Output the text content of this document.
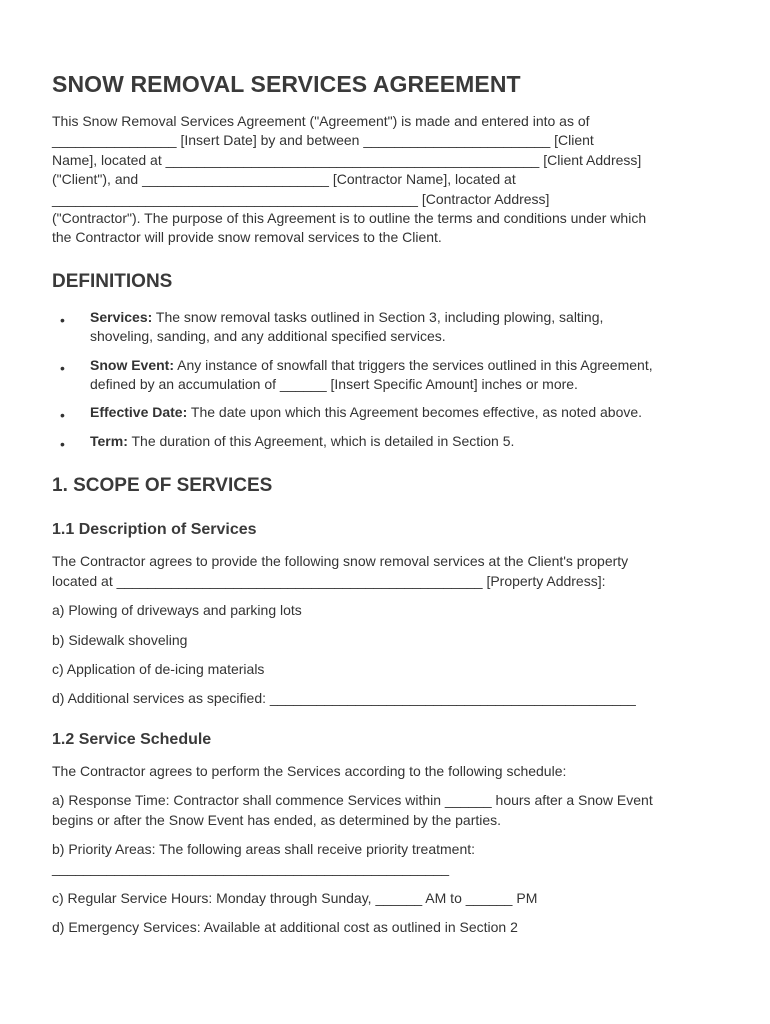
SNOW REMOVAL SERVICES AGREEMENT

This Snow Removal Services Agreement ("Agreement") is made and entered into as of
________________ [Insert Date] by and between ________________________ [Client
Name], located at ________________________________________________ [Client Address]
("Client"), and ________________________ [Contractor Name], located at
_______________________________________________ [Contractor Address]
("Contractor"). The purpose of this Agreement is to outline the terms and conditions under which
the Contractor will provide snow removal services to the Client.

DEFINITIONS
• Services: The snow removal tasks outlined in Section 3, including plowing, salting,
shoveling, sanding, and any additional specified services.
• Snow Event: Any instance of snowfall that triggers the services outlined in this Agreement,
defined by an accumulation of ______ [Insert Specific Amount] inches or more.
• Effective Date: The date upon which this Agreement becomes effective, as noted above.
• Term: The duration of this Agreement, which is detailed in Section 5.
1. SCOPE OF SERVICES
1.1 Description of Services

The Contractor agrees to provide the following snow removal services at the Client's property
located at _______________________________________________ [Property Address]:

a) Plowing of driveways and parking lots

b) Sidewalk shoveling

c) Application of de-icing materials

d) Additional services as specified: _______________________________________________

1.2 Service Schedule

The Contractor agrees to perform the Services according to the following schedule:

a) Response Time: Contractor shall commence Services within ______ hours after a Snow Event
begins or after the Snow Event has ended, as determined by the parties.

b) Priority Areas: The following areas shall receive priority treatment:
___________________________________________________

c) Regular Service Hours: Monday through Sunday, ______ AM to ______ PM

d) Emergency Services: Available at additional cost as outlined in Section 2
